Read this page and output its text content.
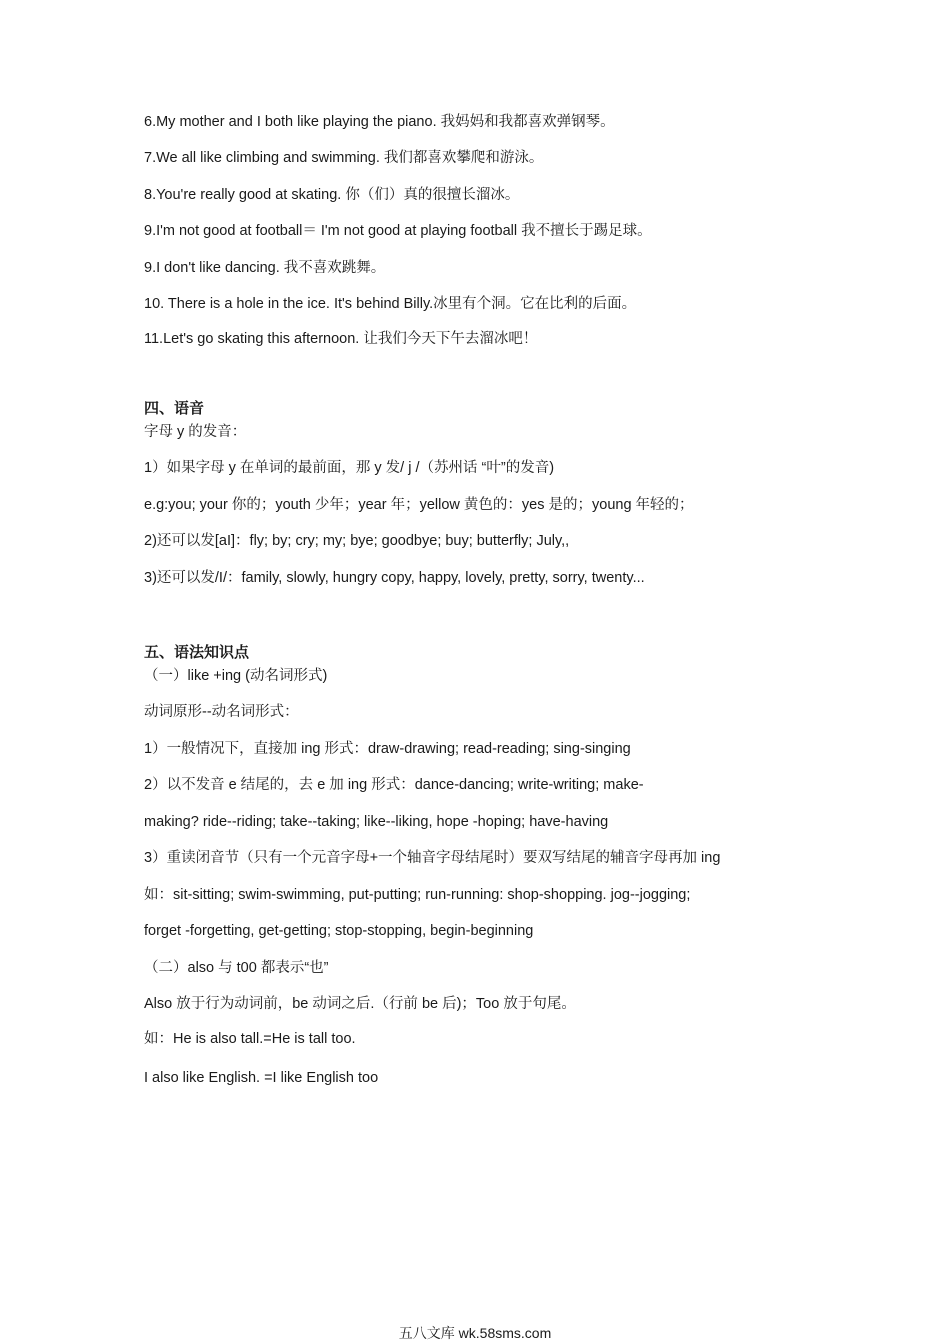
6.My mother and I both like playing the piano. 我妈妈和我都喜欢弹钢琴。
7.We all like climbing and swimming. 我们都喜欢攀爬和游泳。
8.You're really good at skating. 你（们）真的很擅长溜冰。
9.I'm not good at football＝ I'm not good at playing football 我不擅长于踢足球。
9.I don't like dancing. 我不喜欢跳舞。
10. There is a hole in the ice. It's behind Billy.冰里有个洞。它在比利的后面。
11.Let's go skating this afternoon. 让我们今天下午去溜冰吧！
四、语音
字母 y 的发音：
1）如果字母 y 在单词的最前面，那 y 发/ j /（苏州话 “叶”的发音)
e.g:you; your 你的；youth 少年；year 年；yellow 黄色的：yes 是的；young 年轻的；
2)还可以发[aI]：fly; by; cry; my; bye; goodbye; buy; butterfly; July,,
3)还可以发/I/：family, slowly, hungry copy, happy, lovely, pretty, sorry, twenty...
五、语法知识点
（一）like +ing (动名词形式)
动词原形--动名词形式：
1）一般情况下，直接加 ing 形式：draw-drawing; read-reading; sing-singing
2）以不发音 e 结尾的，去 e 加 ing 形式：dance-dancing; write-writing; make-
making? ride--riding; take--taking; like--liking, hope -hoping; have-having
3）重读闭音节（只有一个元音字母+一个轴音字母结尾时）要双写结尾的辅音字母再加 ing
如：sit-sitting; swim-swimming, put-putting; run-running: shop-shopping. jog--jogging;
forget -forgetting, get-getting; stop-stopping, begin-beginning
（二）also 与 t00 都表示“也”
Also 放于行为动词前，be 动词之后.（行前 be 后)；Too 放于句尾。
如：He is also tall.=He is tall too.
I also like English. =I like English too
五八文库 wk.58sms.com
